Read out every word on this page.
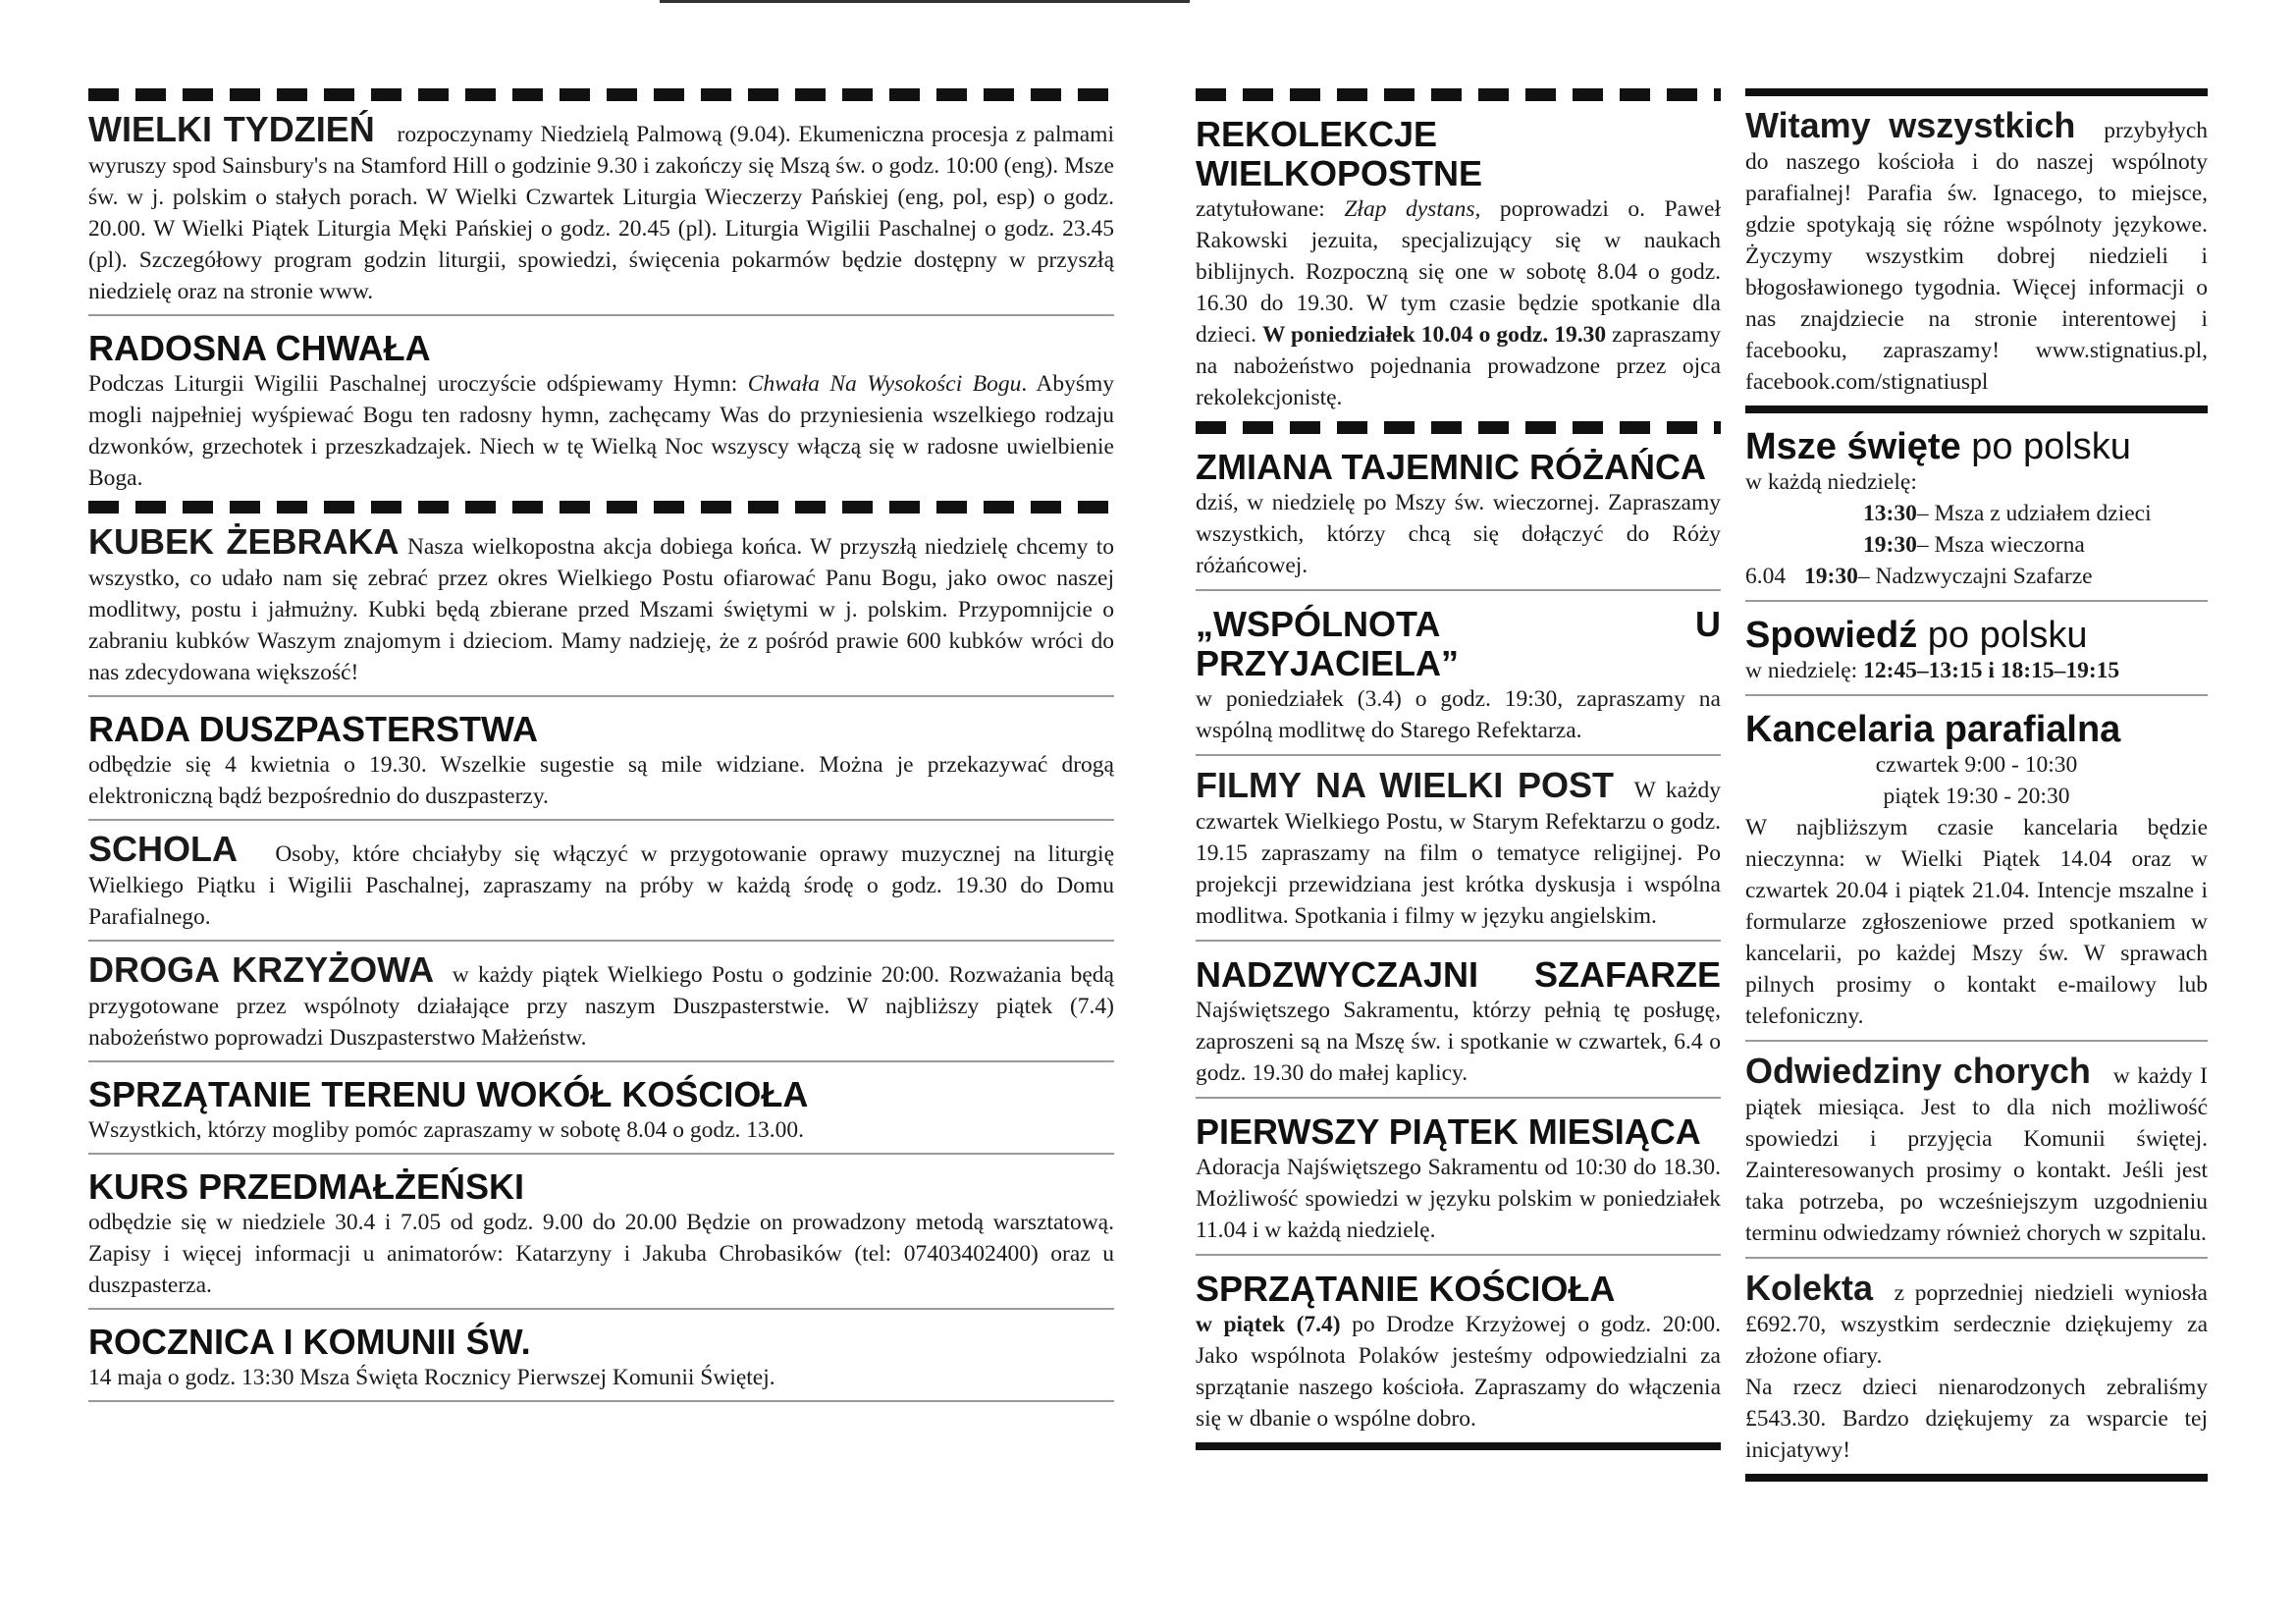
WIELKI TYDZIEŃ rozpoczynamy Niedzielą Palmową (9.04). Ekumeniczna procesja z palmami wyruszy spod Sainsbury's na Stamford Hill o godzinie 9.30 i zakończy się Mszą św. o godz. 10:00 (eng). Msze św. w j. polskim o stałych porach. W Wielki Czwartek Liturgia Wieczerzy Pańskiej (eng, pol, esp) o godz. 20.00. W Wielki Piątek Liturgia Męki Pańskiej o godz. 20.45 (pl). Liturgia Wigilii Paschalnej o godz. 23.45 (pl). Szczegółowy program godzin liturgii, spowiedzi, święcenia pokarmów będzie dostępny w przyszłą niedzielę oraz na stronie www.
RADOSNA CHWAŁA
Podczas Liturgii Wigilii Paschalnej uroczyście odśpiewamy Hymn: Chwała Na Wysokości Bogu. Abyśmy mogli najpełniej wyśpiewać Bogu ten radosny hymn, zachęcamy Was do przyniesienia wszelkiego rodzaju dzwonków, grzechotek i przeszkadzajek. Niech w tę Wielką Noc wszyscy włączą się w radosne uwielbienie Boga.
KUBEK ŻEBRAKA Nasza wielkopostna akcja dobiega końca. W przyszłą niedzielę chcemy to wszystko, co udało nam się zebrać przez okres Wielkiego Postu ofiarować Panu Bogu, jako owoc naszej modlitwy, postu i jałmużny. Kubki będą zbierane przed Mszami świętymi w j. polskim. Przypomnijcie o zabraniu kubków Waszym znajomym i dzieciom. Mamy nadzieję, że z pośród prawie 600 kubków wróci do nas zdecydowana większość!
RADA DUSZPASTERSTWA
odbędzie się 4 kwietnia o 19.30. Wszelkie sugestie są mile widziane. Można je przekazywać drogą elektroniczną bądź bezpośrednio do duszpasterzy.
SCHOLA Osoby, które chciałyby się włączyć w przygotowanie oprawy muzycznej na liturgię Wielkiego Piątku i Wigilii Paschalnej, zapraszamy na próby w każdą środę o godz. 19.30 do Domu Parafialnego.
DROGA KRZYŻOWA w każdy piątek Wielkiego Postu o godzinie 20:00. Rozważania będą przygotowane przez wspólnoty działające przy naszym Duszpasterstwie. W najbliższy piątek (7.4) nabożeństwo poprowadzi Duszpasterstwo Małżeństw.
SPRZĄTANIE TERENU WOKÓŁ KOŚCIOŁA
Wszystkich, którzy mogliby pomóc zapraszamy w sobotę 8.04 o godz. 13.00.
KURS PRZEDMAŁŻEŃSKI
odbędzie się w niedziele 30.4 i 7.05 od godz. 9.00 do 20.00 Będzie on prowadzony metodą warsztatową. Zapisy i więcej informacji u animatorów: Katarzyny i Jakuba Chrobasików (tel: 07403402400) oraz u duszpasterza.
ROCZNICA I KOMUNII ŚW.
14 maja o godz. 13:30 Msza Święta Rocznicy Pierwszej Komunii Świętej.
REKOLEKCJE WIELKOPOSTNE
zatytułowane: Złap dystans, poprowadzi o. Paweł Rakowski jezuita, specjalizujący się w naukach biblijnych. Rozpoczną się one w sobotę 8.04 o godz. 16.30 do 19.30. W tym czasie będzie spotkanie dla dzieci. W poniedziałek 10.04 o godz. 19.30 zapraszamy na nabożeństwo pojednania prowadzone przez ojca rekolekcjonistę.
ZMIANA TAJEMNIC RÓŻAŃCA
dziś, w niedzielę po Mszy św. wieczornej. Zapraszamy wszystkich, którzy chcą się dołączyć do Róży różańcowej.
„WSPÓLNOTA U PRZYJACIELA”
w poniedziałek (3.4) o godz. 19:30, zapraszamy na wspólną modlitwę do Starego Refektarza.
FILMY NA WIELKI POST W każdy czwartek Wielkiego Postu, w Starym Refektarzu o godz. 19.15 zapraszamy na film o tematyce religijnej. Po projekcji przewidziana jest krótka dyskusja i wspólna modlitwa. Spotkania i filmy w języku angielskim.
NADZWYCZAJNI SZAFARZE
Najświętszego Sakramentu, którzy pełnią tę posługę, zaproszeni są na Mszę św. i spotkanie w czwartek, 6.4 o godz. 19.30 do małej kaplicy.
PIERWSZY PIĄTEK MIESIĄCA
Adoracja Najświętszego Sakramentu od 10:30 do 18.30. Możliwość spowiedzi w języku polskim w poniedziałek 11.04 i w każdą niedzielę.
SPRZĄTANIE KOŚCIOŁA
w piątek (7.4) po Drodze Krzyżowej o godz. 20:00. Jako wspólnota Polaków jesteśmy odpowiedzialni za sprzątanie naszego kościoła. Zapraszamy do włączenia się w dbanie o wspólne dobro.
Witamy wszystkich przybyłych do naszego kościoła i do naszej wspólnoty parafialnej! Parafia św. Ignacego, to miejsce, gdzie spotykają się różne wspólnoty językowe. Życzymy wszystkim dobrej niedzieli i błogosławionego tygodnia. Więcej informacji o nas znajdziecie na stronie interentowej i facebooku, zapraszamy! www.stignatius.pl, facebook.com/stignatiuspl
Msze święte po polsku
w każdą niedzielę:
13:30 – Msza z udziałem dzieci
19:30 – Msza wieczorna
6.04 19:30 – Nadzwyczajni Szafarze
Spowiedź po polsku
w niedzielę: 12:45–13:15 i 18:15–19:15
Kancelaria parafialna
czwartek 9:00 - 10:30
piątek 19:30 - 20:30
W najbliższym czasie kancelaria będzie nieczynna: w Wielki Piątek 14.04 oraz w czwartek 20.04 i piątek 21.04. Intencje mszalne i formularze zgłoszeniowe przed spotkaniem w kancelarii, po każdej Mszy św. W sprawach pilnych prosimy o kontakt e-mailowy lub telefoniczny.
Odwiedziny chorych w każdy I piątek miesiąca. Jest to dla nich możliwość spowiedzi i przyjęcia Komunii świętej. Zainteresowanych prosimy o kontakt. Jeśli jest taka potrzeba, po wcześniejszym uzgodnieniu terminu odwiedzamy również chorych w szpitalu.
Kolekta z poprzedniej niedzieli wyniosła £692.70, wszystkim serdecznie dziękujemy za złożone ofiary.
Na rzecz dzieci nienarodzonych zebraliśmy £543.30. Bardzo dziękujemy za wsparcie tej inicjatywy!
